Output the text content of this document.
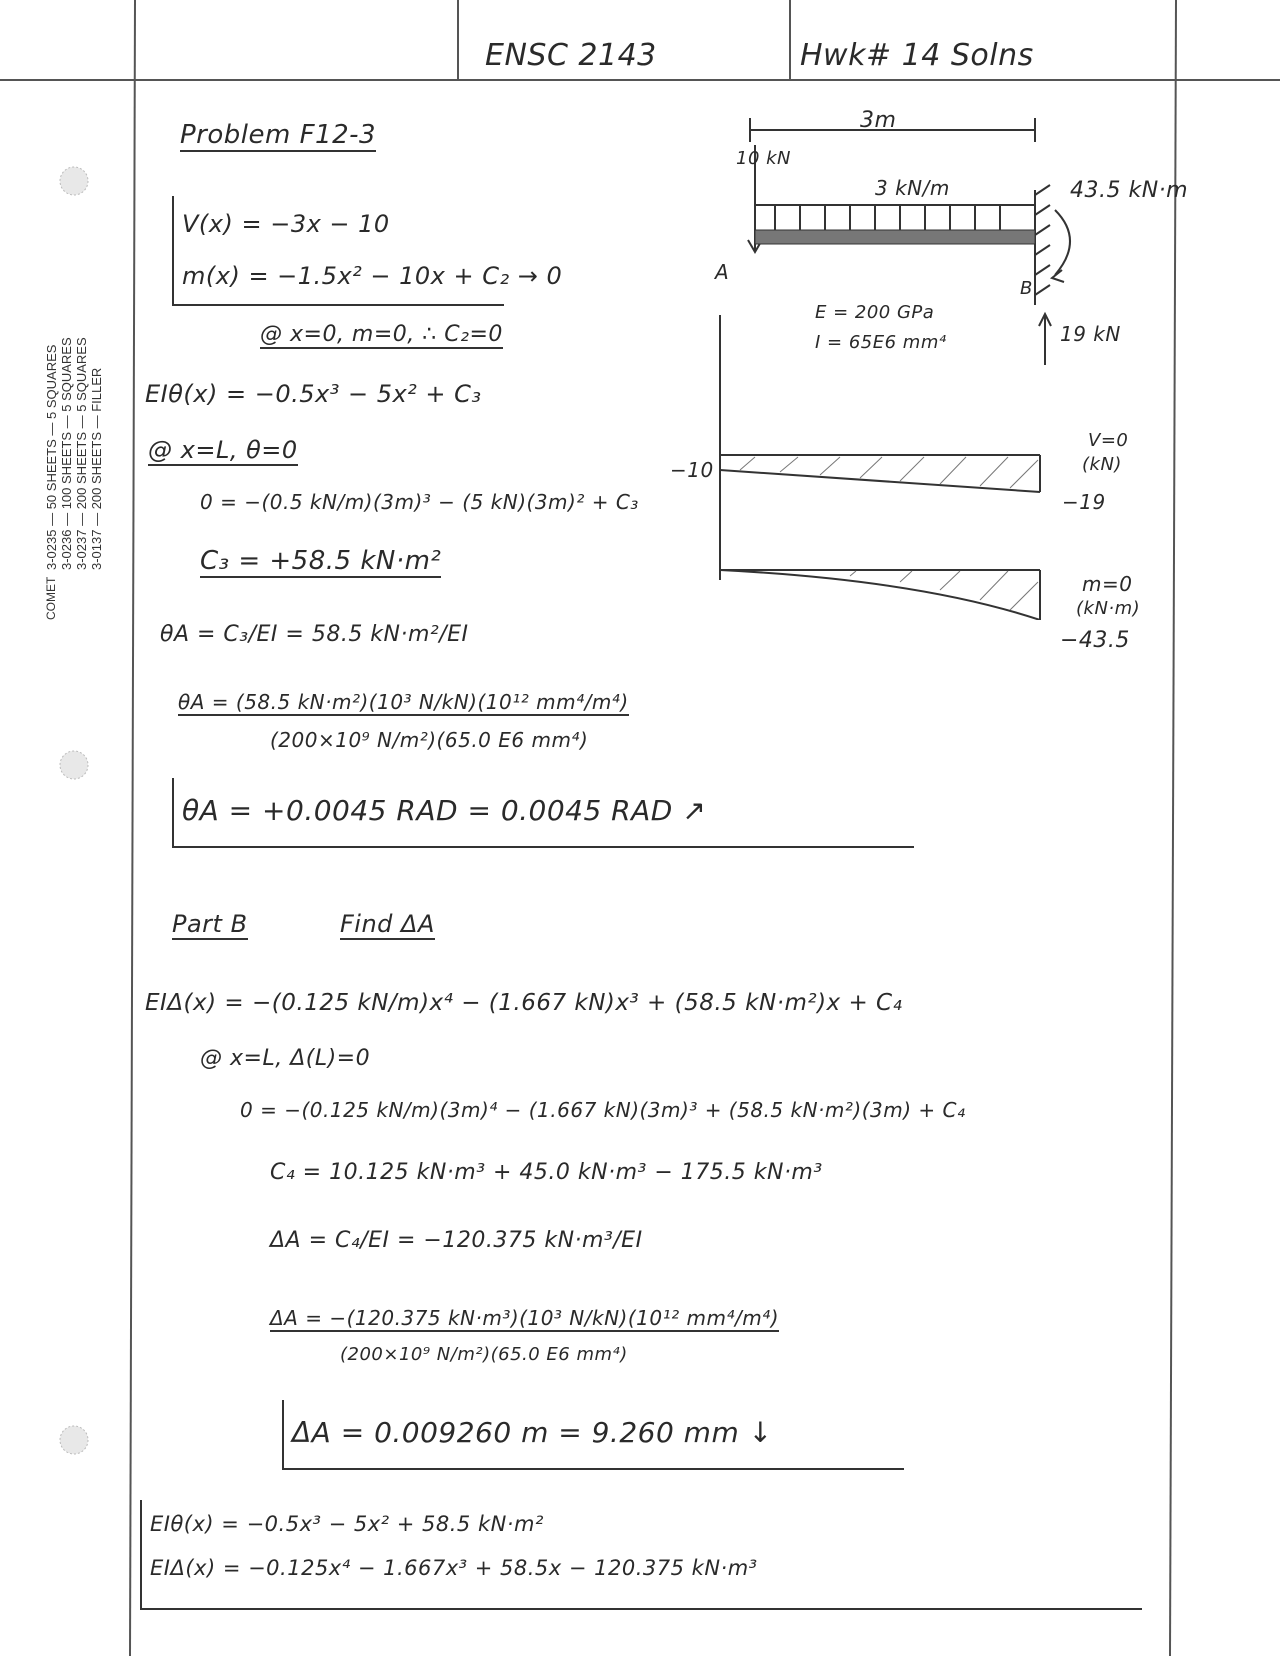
3-0235 — 50 SHEETS — 5 SQUARES 3-0236 — 100 SHEETS — 5 SQUARES 3-0237 — 200 SHEETS — 5 SQUARES 3-0137 — 200 SHEETS — FILLER
COMET
ENSC 2143	Hwk# 14 Solns
Problem F12-3
V(x) = −3x − 10
m(x) = −1.5x² − 10x + C₂ → 0
@ x=0, m=0, ∴ C₂=0
EIθ(x) = −0.5x³ − 5x² + C₃
@ x=L, θ=0
0 = −(0.5 kN/m)(3m)³ − (5 kN)(3m)² + C₃
C₃ = +58.5 kN·m²
θA = C₃/EI = 58.5 kN·m²/EI
θA = (58.5 kN·m²)(10³ N/kN)(10¹² mm⁴/m⁴)
(200×10⁹ N/m²)(65.0 E6 mm⁴)
θA = +0.0045 RAD = 0.0045 RAD ↗
3m
10 kN
3 kN/m	43.5 kN·m
A
B
E = 200 GPa
I = 65E6 mm⁴	19 kN
V=0
(kN)
−10
−19
m=0
(kN·m)
−43.5
Part B	Find ΔA
EIΔ(x) = −(0.125 kN/m)x⁴ − (1.667 kN)x³ + (58.5 kN·m²)x + C₄
@ x=L, Δ(L)=0
0 = −(0.125 kN/m)(3m)⁴ − (1.667 kN)(3m)³ + (58.5 kN·m²)(3m) + C₄
C₄ = 10.125 kN·m³ + 45.0 kN·m³ − 175.5 kN·m³
ΔA = C₄/EI = −120.375 kN·m³/EI
ΔA = −(120.375 kN·m³)(10³ N/kN)(10¹² mm⁴/m⁴)
(200×10⁹ N/m²)(65.0 E6 mm⁴)
ΔA = 0.009260 m = 9.260 mm ↓
EIθ(x) = −0.5x³ − 5x² + 58.5 kN·m²
EIΔ(x) = −0.125x⁴ − 1.667x³ + 58.5x − 120.375 kN·m³
